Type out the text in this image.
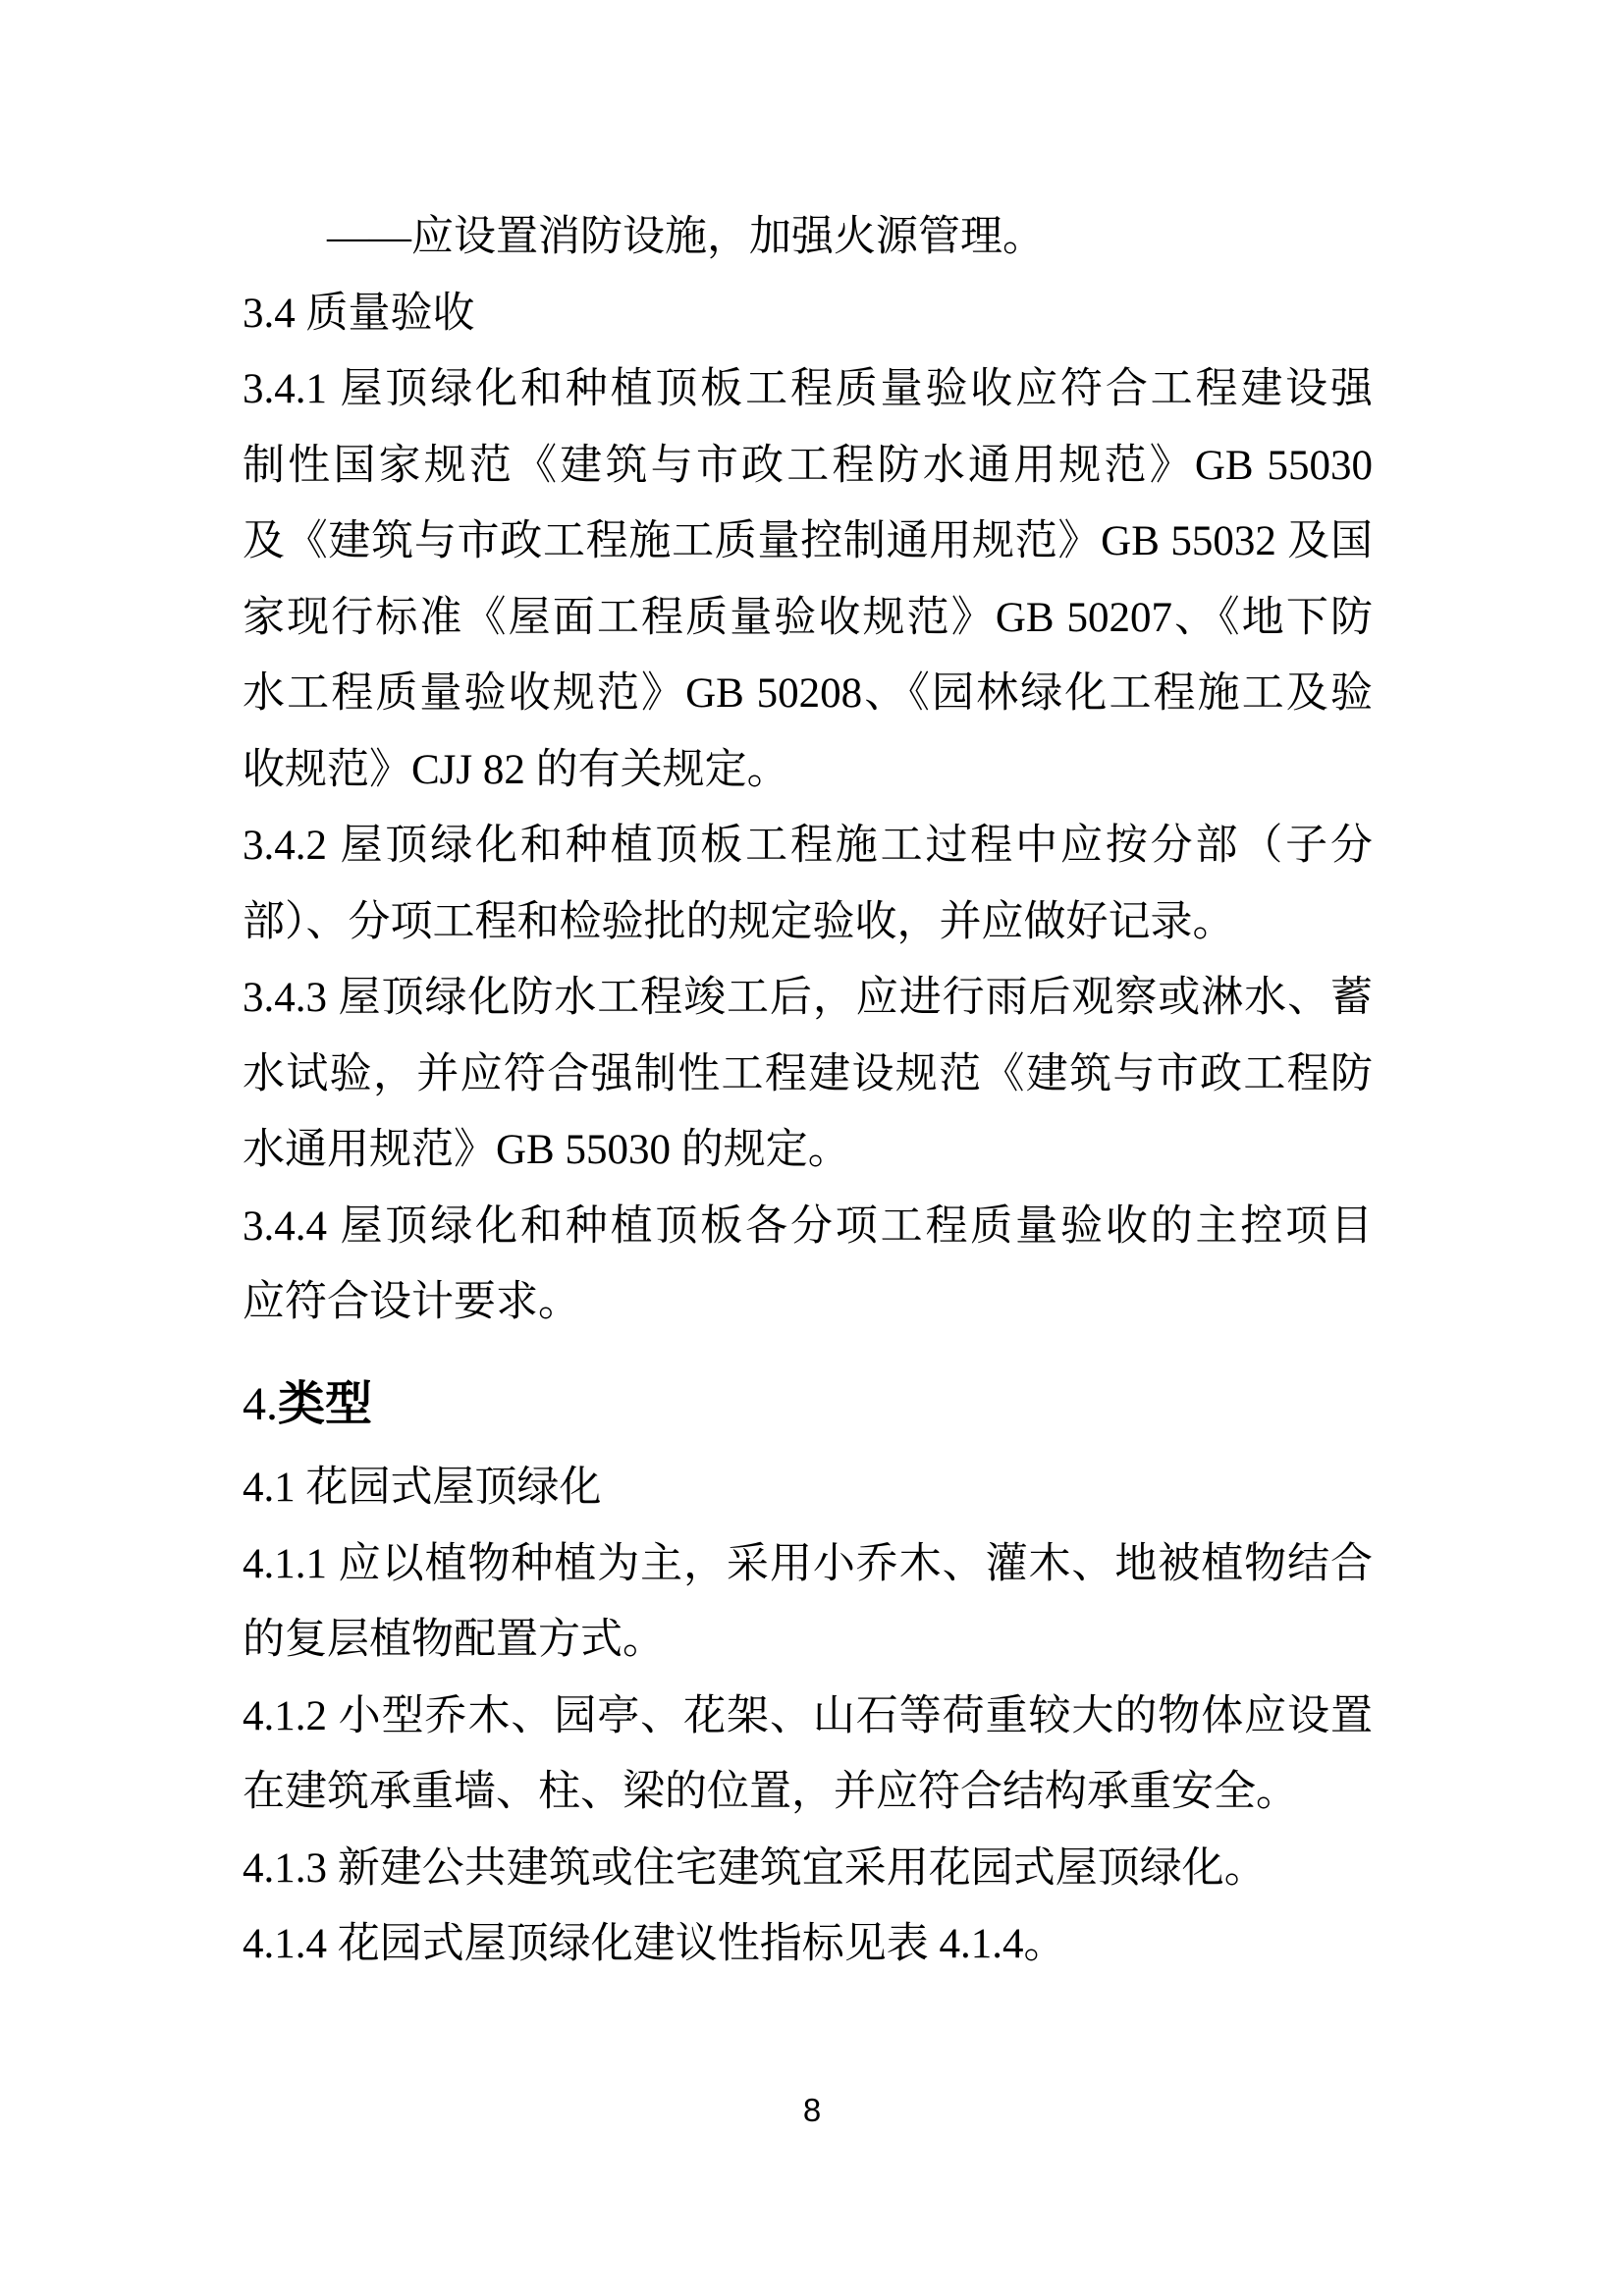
——应设置消防设施，加强火源管理。
3.4 质量验收
3.4.1 屋顶绿化和种植顶板工程质量验收应符合工程建设强
制性国家规范《建筑与市政工程防水通用规范》GB 55030
及《建筑与市政工程施工质量控制通用规范》GB 55032 及国
家现行标准《屋面工程质量验收规范》GB 50207、《地下防
水工程质量验收规范》GB 50208、《园林绿化工程施工及验
收规范》CJJ 82 的有关规定。
3.4.2 屋顶绿化和种植顶板工程施工过程中应按分部（子分
部）、分项工程和检验批的规定验收，并应做好记录。
3.4.3 屋顶绿化防水工程竣工后，应进行雨后观察或淋水、蓄
水试验，并应符合强制性工程建设规范《建筑与市政工程防
水通用规范》GB 55030 的规定。
3.4.4 屋顶绿化和种植顶板各分项工程质量验收的主控项目
应符合设计要求。
4.类型
4.1 花园式屋顶绿化
4.1.1 应以植物种植为主，采用小乔木、灌木、地被植物结合
的复层植物配置方式。
4.1.2 小型乔木、园亭、花架、山石等荷重较大的物体应设置
在建筑承重墙、柱、梁的位置，并应符合结构承重安全。
4.1.3 新建公共建筑或住宅建筑宜采用花园式屋顶绿化。
4.1.4 花园式屋顶绿化建议性指标见表 4.1.4。
8
